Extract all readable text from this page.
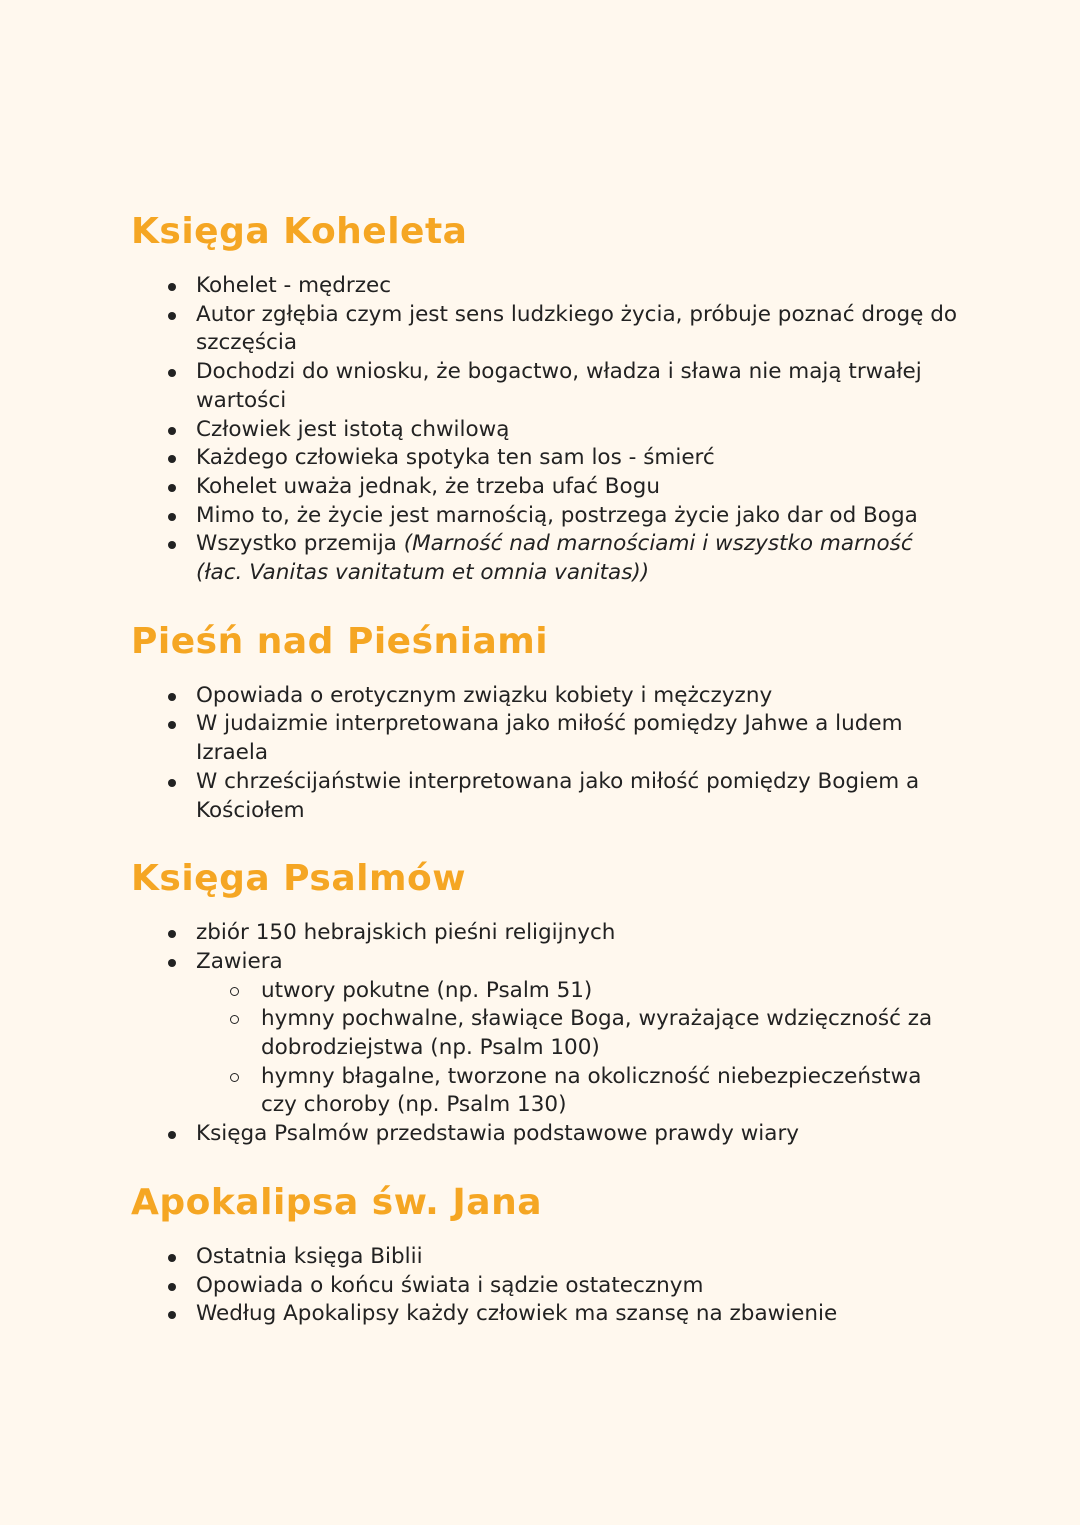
Księga Koheleta
Kohelet - mędrzec
Autor zgłębia czym jest sens ludzkiego życia, próbuje poznać drogę do szczęścia
Dochodzi do wniosku, że bogactwo, władza i sława nie mają trwałej wartości
Człowiek jest istotą chwilową
Każdego człowieka spotyka ten sam los - śmierć
Kohelet uważa jednak, że trzeba ufać Bogu
Mimo to, że życie jest marnością, postrzega życie jako dar od Boga
Wszystko przemija (Marność nad marnościami i wszystko marność (łac. Vanitas vanitatum et omnia vanitas))
Pieśń nad Pieśniami
Opowiada o erotycznym związku kobiety i mężczyzny
W judaizmie interpretowana jako miłość pomiędzy Jahwe a ludem Izraela
W chrześcijaństwie interpretowana jako miłość pomiędzy Bogiem a Kościołem
Księga Psalmów
zbiór 150 hebrajskich pieśni religijnych
Zawiera
utwory pokutne (np. Psalm 51)
hymny pochwalne, sławiące Boga, wyrażające wdzięczność za dobrodziejstwa (np. Psalm 100)
hymny błagalne, tworzone na okoliczność niebezpieczeństwa czy choroby (np. Psalm 130)
Księga Psalmów przedstawia podstawowe prawdy wiary
Apokalipsa św. Jana
Ostatnia księga Biblii
Opowiada o końcu świata i sądzie ostatecznym
Według Apokalipsy każdy człowiek ma szansę na zbawienie
